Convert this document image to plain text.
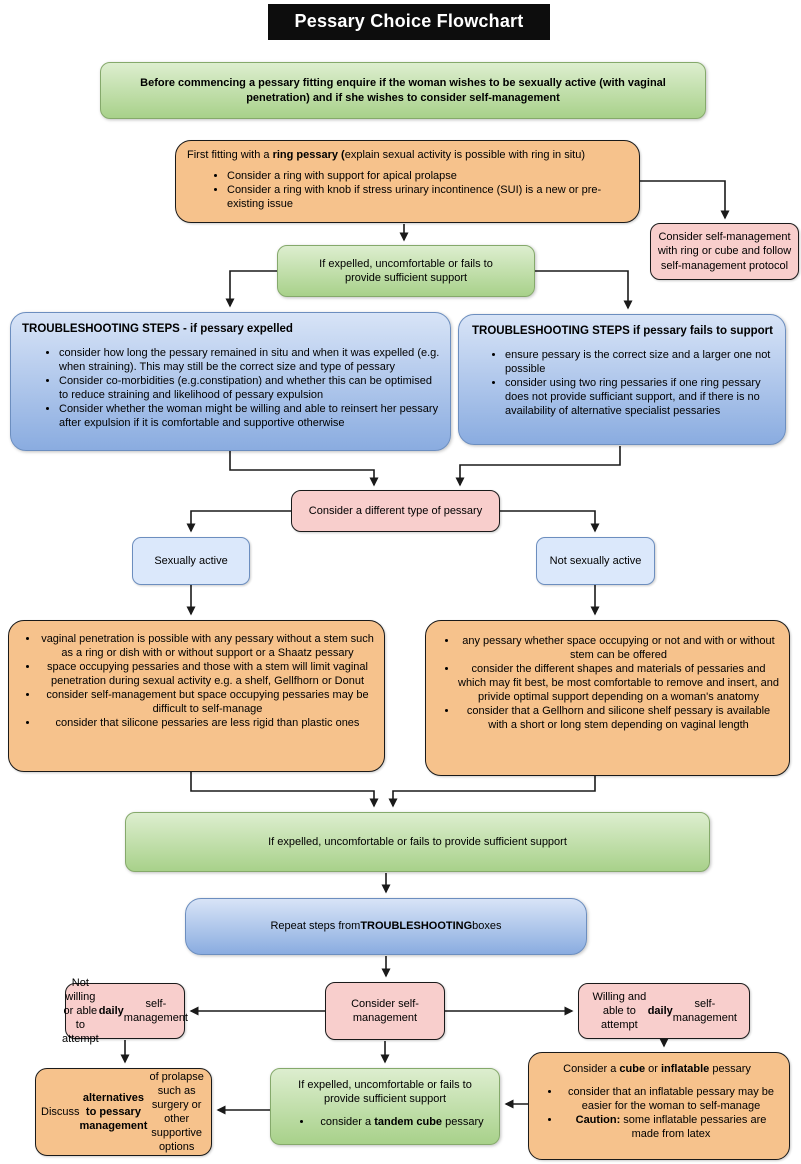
Pessary Choice Flowchart
Before commencing a pessary fitting enquire if the woman wishes to be sexually active (with vaginal penetration) and if she wishes to consider self-management
First fitting with a ring pessary (explain sexual activity is possible with ring in situ)
• Consider a ring with support for apical prolapse
• Consider a ring with knob if stress urinary incontinence (SUI) is a new or pre-existing issue
Consider self-management with ring or cube and follow self-management protocol
If expelled, uncomfortable or fails to provide sufficient support
TROUBLESHOOTING STEPS - if pessary expelled
• consider how long the pessary remained in situ and when it was expelled (e.g. when straining). This may still be the correct size and type of pessary
• Consider co-morbidities (e.g.constipation) and whether this can be optimised to reduce straining and likelihood of pessary expulsion
• Consider whether the woman might be willing and able to reinsert her pessary after expulsion if it is comfortable and supportive otherwise
TROUBLESHOOTING STEPS if pessary fails to support
• ensure pessary is the correct size and a larger one not possible
• consider using two ring pessaries if one ring pessary does not provide sufficiant support, and if there is no availability of alternative specialist pessaries
Consider a different type of pessary
Sexually active	Not sexually active
• vaginal penetration is possible with any pessary without a stem such as a ring or dish with or without support or a Shaatz pessary
• space occupying pessaries and those with a stem will limit vaginal penetration during sexual activity e.g. a shelf, Gellfhorn or Donut
• consider self-management but space occupying pessaries may be difficult to self-manage
• consider that silicone pessaries are less rigid than plastic ones
• any pessary whether space occupying or not and with or without stem can be offered
• consider the different shapes and materials of pessaries and which may fit best, be most comfortable to remove and insert, and privide optimal support depending on a woman's anatomy
• consider that a Gellhorn and silicone shelf pessary is available with a short or long stem depending on vaginal length
If expelled, uncomfortable or fails to provide sufficient support
Repeat steps from TROUBLESHOOTING boxes
Consider self-management
Not willing or able to attempt
daily
self-management
Willing and able to attempt
daily
self-management
Discuss
alternatives to pessary management
of prolapse such as surgery or other supportive options
If expelled, uncomfortable or fails to provide sufficient support
• consider a tandem cube pessary
Consider a cube or inflatable pessary
• consider that an inflatable pessary may be easier for the woman to self-manage
• Caution: some inflatable pessaries are made from latex
